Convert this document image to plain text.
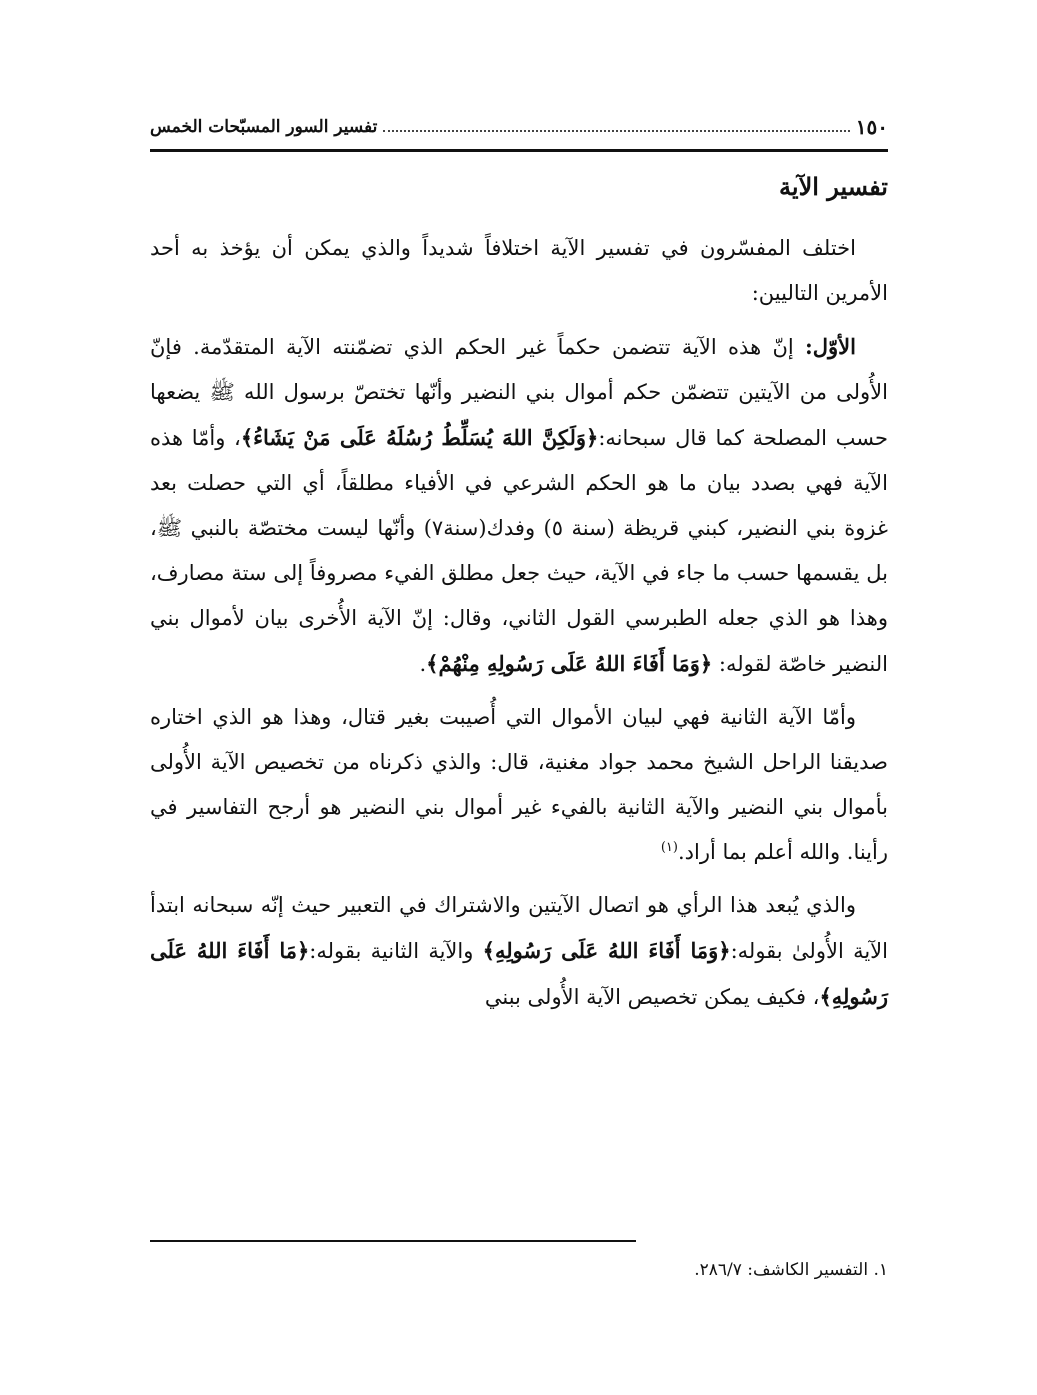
١٥٠
تفسير السور المسبّحات الخمس
تفسير الآية

اختلف المفسّرون في تفسير الآية اختلافاً شديداً والذي يمكن أن يؤخذ به أحد الأمرين التاليين:

الأوّل: إنّ هذه الآية تتضمن حكماً غير الحكم الذي تضمّنته الآية المتقدّمة. فإنّ الأُولى من الآيتين تتضمّن حكم أموال بني النضير وأنّها تختصّ برسول الله ﷺ يضعها حسب المصلحة كما قال سبحانه:﴿وَلَكِنَّ اللهَ يُسَلِّطُ رُسُلَهُ عَلَى مَنْ يَشَاءُ﴾، وأمّا هذه الآية فهي بصدد بيان ما هو الحكم الشرعي في الأفياء مطلقاً، أي التي حصلت بعد غزوة بني النضير، كبني قريظة (سنة ٥) وفدك(سنة٧) وأنّها ليست مختصّة بالنبي ﷺ، بل يقسمها حسب ما جاء في الآية، حيث جعل مطلق الفيء مصروفاً إلى ستة مصارف، وهذا هو الذي جعله الطبرسي القول الثاني، وقال: إنّ الآية الأُخرى بيان لأموال بني النضير خاصّة لقوله: ﴿وَمَا أَفَاءَ اللهُ عَلَى رَسُولِهِ مِنْهُمْ﴾.

وأمّا الآية الثانية فهي لبيان الأموال التي أُصيبت بغير قتال، وهذا هو الذي اختاره صديقنا الراحل الشيخ محمد جواد مغنية، قال: والذي ذكرناه من تخصيص الآية الأُولى بأموال بني النضير والآية الثانية بالفيء غير أموال بني النضير هو أرجح التفاسير في رأينا. والله أعلم بما أراد.$^{(١)}$

والذي يُبعد هذا الرأي هو اتصال الآيتين والاشتراك في التعبير حيث إنّه سبحانه ابتدأ الآية الأُولىٰ بقوله:﴿وَمَا أَفَاءَ اللهُ عَلَى رَسُولِهِ﴾ والآية الثانية بقوله:﴿مَا أَفَاءَ اللهُ عَلَى رَسُولِهِ﴾، فكيف يمكن تخصيص الآية الأُولى ببني

١. التفسير الكاشف: ٢٨٦/٧.
